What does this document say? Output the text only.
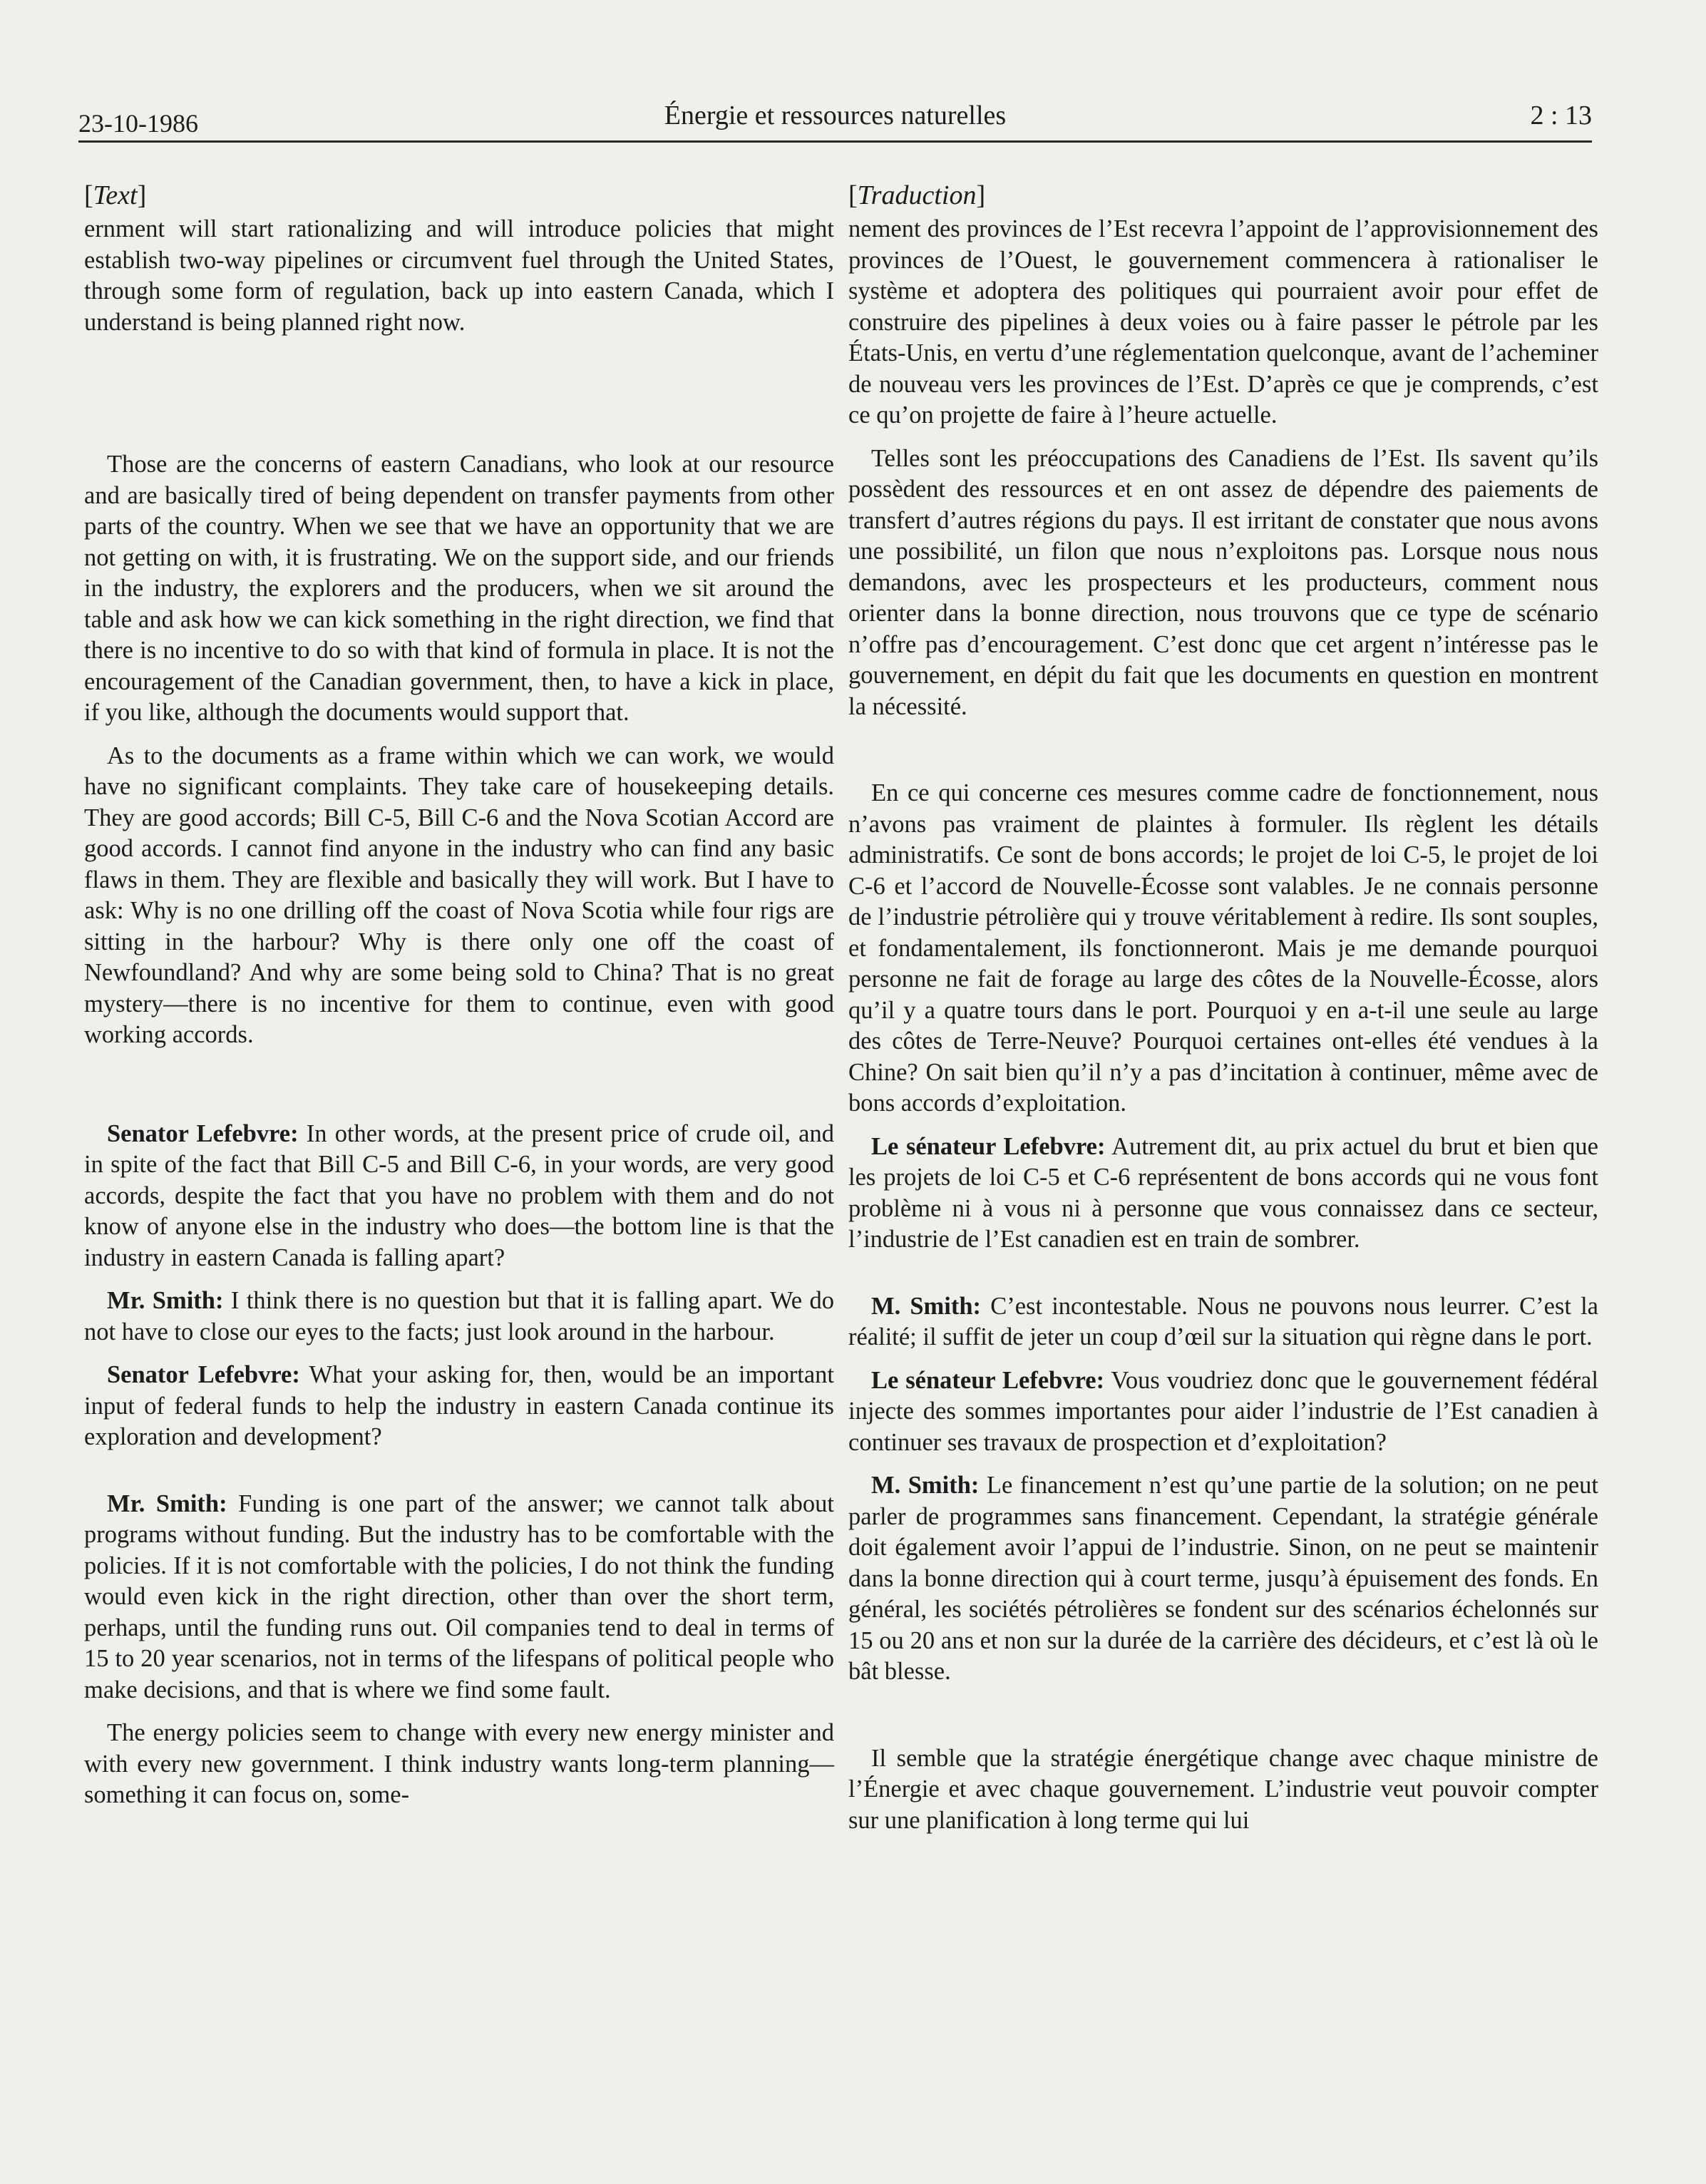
23-10-1986	Énergie et ressources naturelles	2 : 13
[Text]

ernment will start rationalizing and will introduce policies that might establish two-way pipelines or circumvent fuel through the United States, through some form of regulation, back up into eastern Canada, which I understand is being planned right now.

Those are the concerns of eastern Canadians, who look at our resource and are basically tired of being dependent on transfer payments from other parts of the country. When we see that we have an opportunity that we are not getting on with, it is frustrating. We on the support side, and our friends in the industry, the explorers and the producers, when we sit around the table and ask how we can kick something in the right direction, we find that there is no incentive to do so with that kind of formula in place. It is not the encouragement of the Canadian government, then, to have a kick in place, if you like, although the documents would support that.

As to the documents as a frame within which we can work, we would have no significant complaints. They take care of housekeeping details. They are good accords; Bill C-5, Bill C-6 and the Nova Scotian Accord are good accords. I cannot find anyone in the industry who can find any basic flaws in them. They are flexible and basically they will work. But I have to ask: Why is no one drilling off the coast of Nova Scotia while four rigs are sitting in the harbour? Why is there only one off the coast of Newfoundland? And why are some being sold to China? That is no great mystery—there is no incentive for them to continue, even with good working accords.

Senator Lefebvre: In other words, at the present price of crude oil, and in spite of the fact that Bill C-5 and Bill C-6, in your words, are very good accords, despite the fact that you have no problem with them and do not know of anyone else in the industry who does—the bottom line is that the industry in eastern Canada is falling apart?

Mr. Smith: I think there is no question but that it is falling apart. We do not have to close our eyes to the facts; just look around in the harbour.

Senator Lefebvre: What your asking for, then, would be an important input of federal funds to help the industry in eastern Canada continue its exploration and development?

Mr. Smith: Funding is one part of the answer; we cannot talk about programs without funding. But the industry has to be comfortable with the policies. If it is not comfortable with the policies, I do not think the funding would even kick in the right direction, other than over the short term, perhaps, until the funding runs out. Oil companies tend to deal in terms of 15 to 20 year scenarios, not in terms of the lifespans of political people who make decisions, and that is where we find some fault.

The energy policies seem to change with every new energy minister and with every new government. I think industry wants long-term planning—something it can focus on, some-

[Traduction]

nement des provinces de l’Est recevra l’appoint de l’approvisionnement des provinces de l’Ouest, le gouvernement commencera à rationaliser le système et adoptera des politiques qui pourraient avoir pour effet de construire des pipelines à deux voies ou à faire passer le pétrole par les États-Unis, en vertu d’une réglementation quelconque, avant de l’acheminer de nouveau vers les provinces de l’Est. D’après ce que je comprends, c’est ce qu’on projette de faire à l’heure actuelle.

Telles sont les préoccupations des Canadiens de l’Est. Ils savent qu’ils possèdent des ressources et en ont assez de dépendre des paiements de transfert d’autres régions du pays. Il est irritant de constater que nous avons une possibilité, un filon que nous n’exploitons pas. Lorsque nous nous demandons, avec les prospecteurs et les producteurs, comment nous orienter dans la bonne direction, nous trouvons que ce type de scénario n’offre pas d’encouragement. C’est donc que cet argent n’intéresse pas le gouvernement, en dépit du fait que les documents en question en montrent la nécessité.

En ce qui concerne ces mesures comme cadre de fonctionnement, nous n’avons pas vraiment de plaintes à formuler. Ils règlent les détails administratifs. Ce sont de bons accords; le projet de loi C-5, le projet de loi C-6 et l’accord de Nouvelle-Écosse sont valables. Je ne connais personne de l’industrie pétrolière qui y trouve véritablement à redire. Ils sont souples, et fondamentalement, ils fonctionneront. Mais je me demande pourquoi personne ne fait de forage au large des côtes de la Nouvelle-Écosse, alors qu’il y a quatre tours dans le port. Pourquoi y en a-t-il une seule au large des côtes de Terre-Neuve? Pourquoi certaines ont-elles été vendues à la Chine? On sait bien qu’il n’y a pas d’incitation à continuer, même avec de bons accords d’exploitation.

Le sénateur Lefebvre: Autrement dit, au prix actuel du brut et bien que les projets de loi C-5 et C-6 représentent de bons accords qui ne vous font problème ni à vous ni à personne que vous connaissez dans ce secteur, l’industrie de l’Est canadien est en train de sombrer.

M. Smith: C’est incontestable. Nous ne pouvons nous leurrer. C’est la réalité; il suffit de jeter un coup d’œil sur la situation qui règne dans le port.

Le sénateur Lefebvre: Vous voudriez donc que le gouvernement fédéral injecte des sommes importantes pour aider l’industrie de l’Est canadien à continuer ses travaux de prospection et d’exploitation?

M. Smith: Le financement n’est qu’une partie de la solution; on ne peut parler de programmes sans financement. Cependant, la stratégie générale doit également avoir l’appui de l’industrie. Sinon, on ne peut se maintenir dans la bonne direction qui à court terme, jusqu’à épuisement des fonds. En général, les sociétés pétrolières se fondent sur des scénarios échelonnés sur 15 ou 20 ans et non sur la durée de la carrière des décideurs, et c’est là où le bât blesse.

Il semble que la stratégie énergétique change avec chaque ministre de l’Énergie et avec chaque gouvernement. L’industrie veut pouvoir compter sur une planification à long terme qui lui
